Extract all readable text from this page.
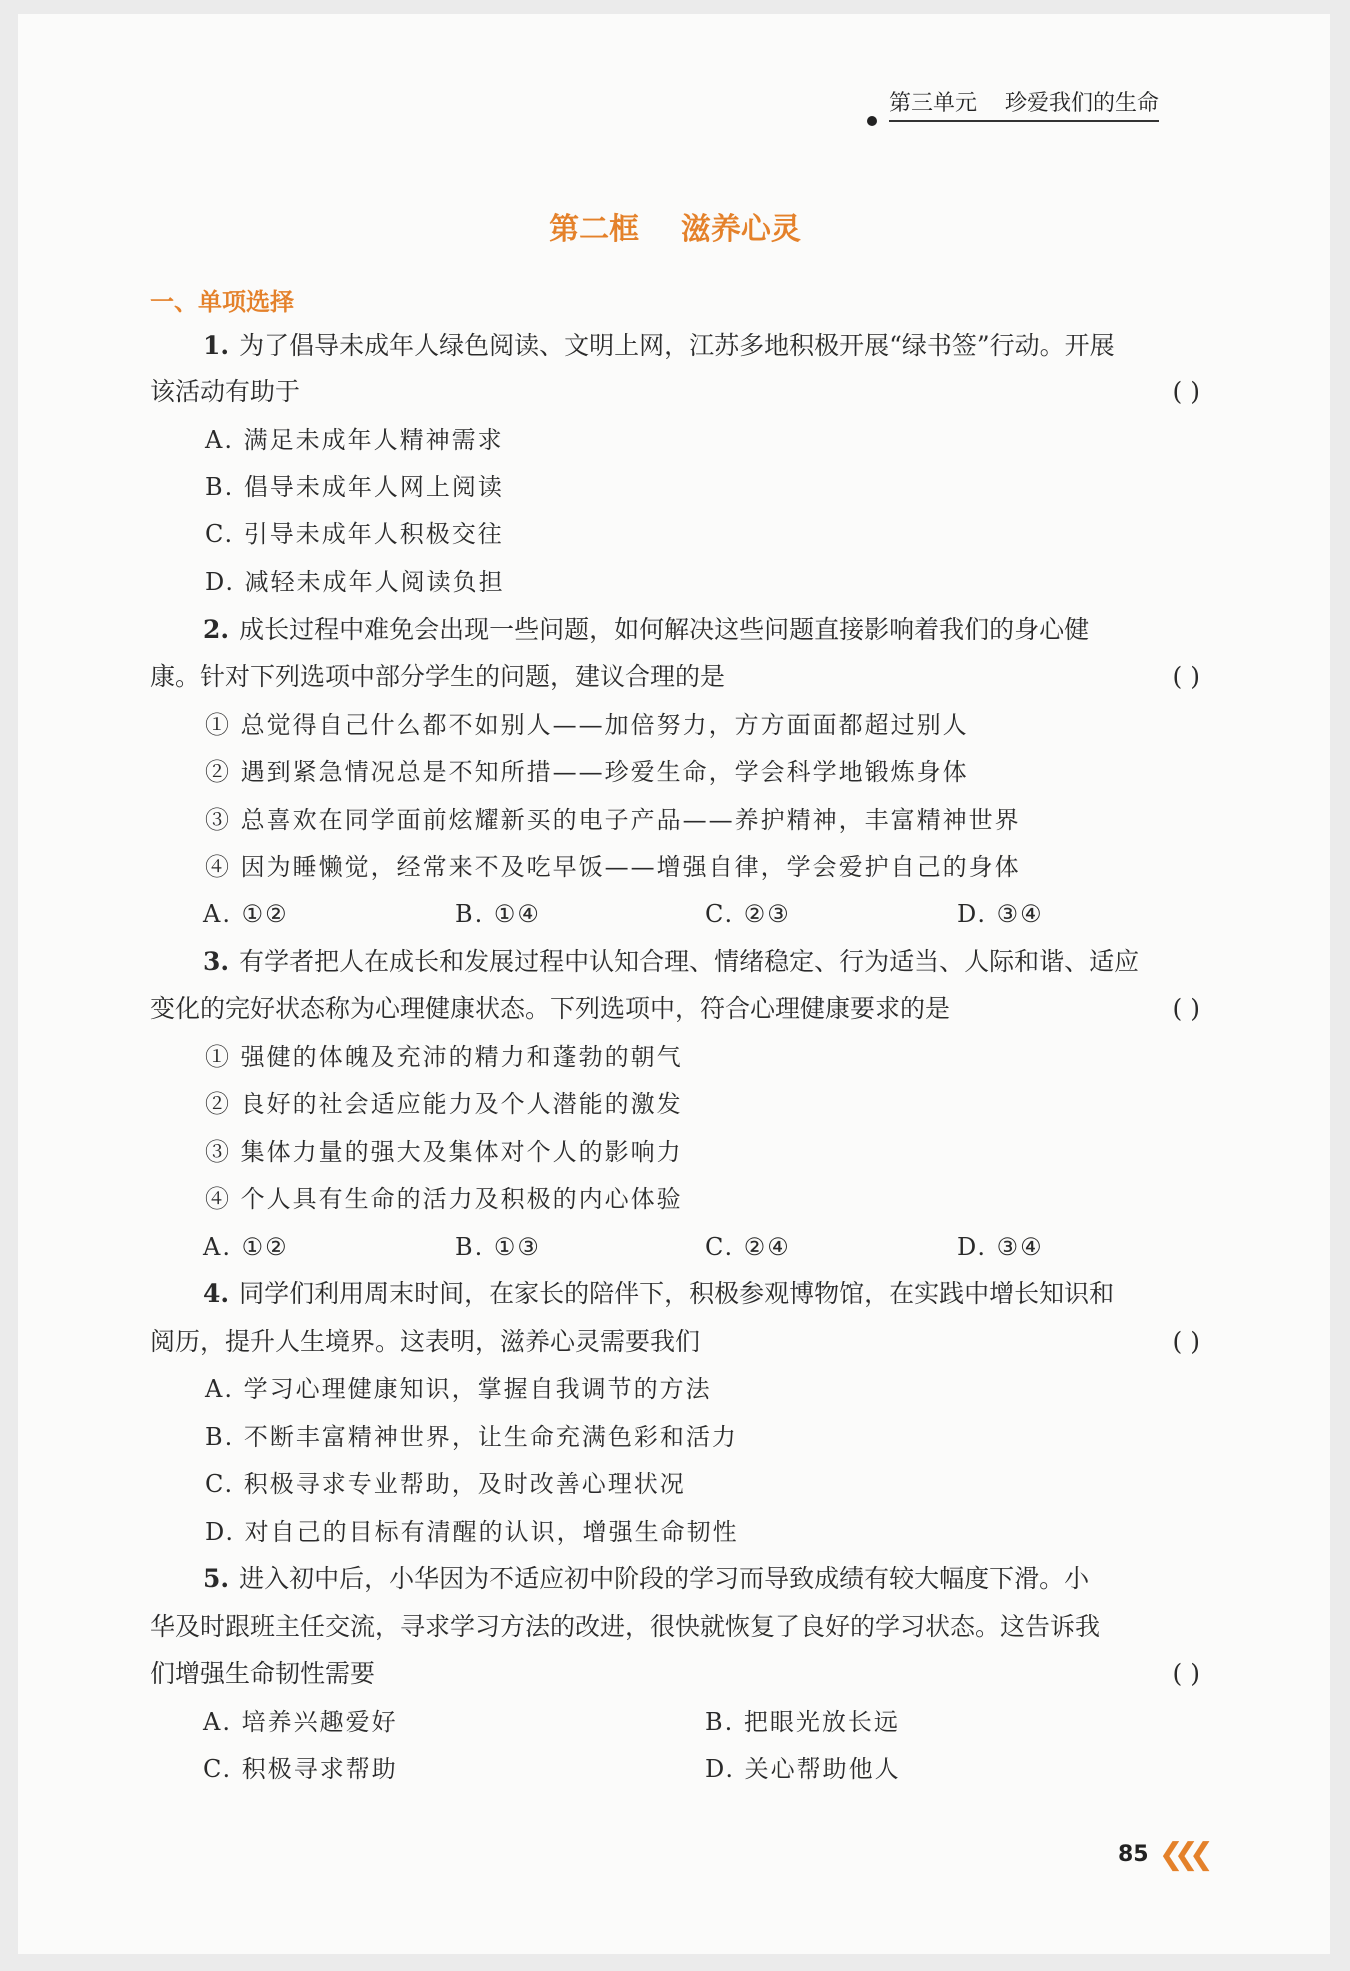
第三单元    珍爱我们的生命
第二框    滋养心灵
一、单项选择
1. 为了倡导未成年人绿色阅读、文明上网，江苏多地积极开展“绿书签”行动。开展
该活动有助于	( )
A. 满足未成年人精神需求
B. 倡导未成年人网上阅读
C. 引导未成年人积极交往
D. 减轻未成年人阅读负担
2. 成长过程中难免会出现一些问题，如何解决这些问题直接影响着我们的身心健
康。针对下列选项中部分学生的问题，建议合理的是	( )
① 总觉得自己什么都不如别人——加倍努力，方方面面都超过别人
② 遇到紧急情况总是不知所措——珍爱生命，学会科学地锻炼身体
③ 总喜欢在同学面前炫耀新买的电子产品——养护精神，丰富精神世界
④ 因为睡懒觉，经常来不及吃早饭——增强自律，学会爱护自己的身体
A. ①②	B. ①④	C. ②③	D. ③④
3. 有学者把人在成长和发展过程中认知合理、情绪稳定、行为适当、人际和谐、适应
变化的完好状态称为心理健康状态。下列选项中，符合心理健康要求的是	( )
① 强健的体魄及充沛的精力和蓬勃的朝气
② 良好的社会适应能力及个人潜能的激发
③ 集体力量的强大及集体对个人的影响力
④ 个人具有生命的活力及积极的内心体验
A. ①②	B. ①③	C. ②④	D. ③④
4. 同学们利用周末时间，在家长的陪伴下，积极参观博物馆，在实践中增长知识和
阅历，提升人生境界。这表明，滋养心灵需要我们	( )
A. 学习心理健康知识，掌握自我调节的方法
B. 不断丰富精神世界，让生命充满色彩和活力
C. 积极寻求专业帮助，及时改善心理状况
D. 对自己的目标有清醒的认识，增强生命韧性
5. 进入初中后，小华因为不适应初中阶段的学习而导致成绩有较大幅度下滑。小
华及时跟班主任交流，寻求学习方法的改进，很快就恢复了良好的学习状态。这告诉我
们增强生命韧性需要	( )
A. 培养兴趣爱好	B. 把眼光放长远
C. 积极寻求帮助	D. 关心帮助他人
85 ❮❮❮
